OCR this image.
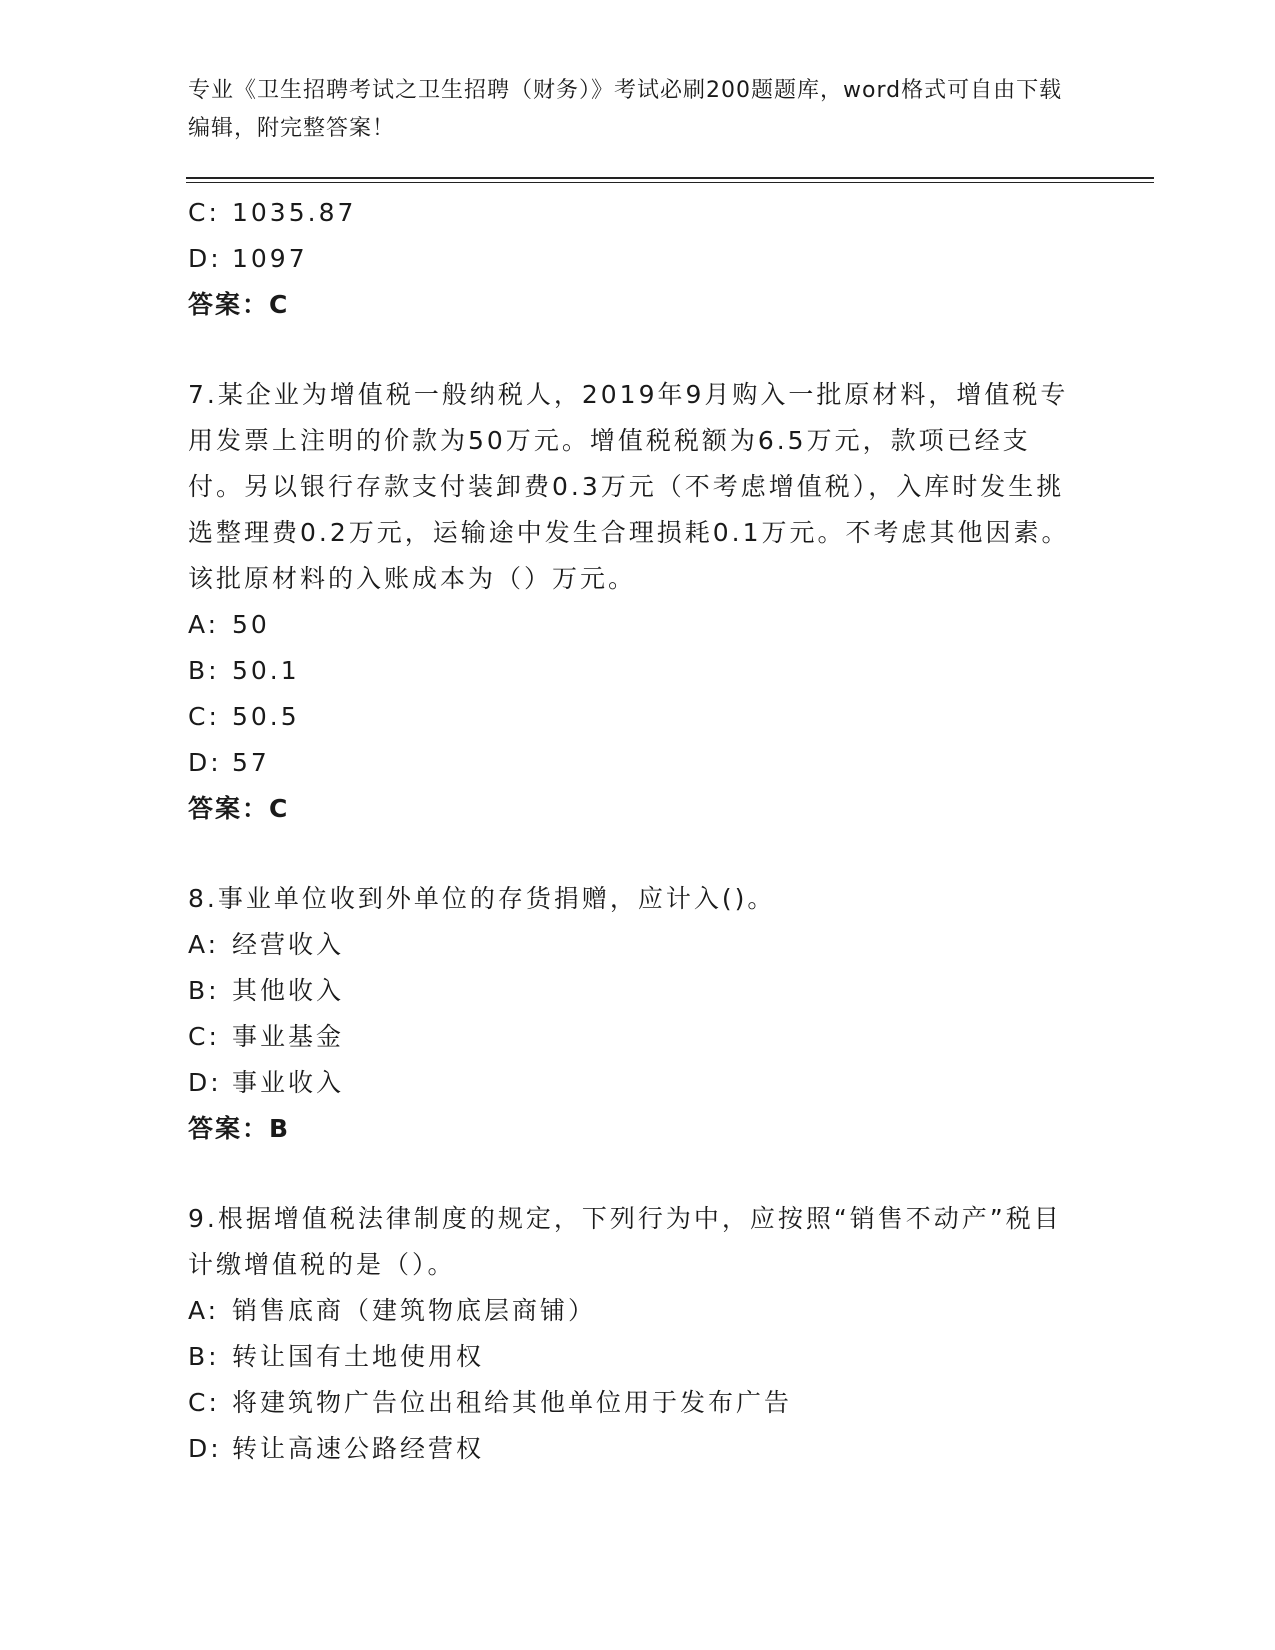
专业《卫生招聘考试之卫生招聘（财务）》考试必刷200题题库，word格式可自由下载编辑，附完整答案！
C: 1035.87
D: 1097
答案：C
7.某企业为增值税一般纳税人，2019年9月购入一批原材料，增值税专用发票上注明的价款为50万元。增值税税额为6.5万元，款项已经支付。另以银行存款支付装卸费0.3万元（不考虑增值税），入库时发生挑选整理费0.2万元，运输途中发生合理损耗0.1万元。不考虑其他因素。该批原材料的入账成本为（）万元。
A: 50
B: 50.1
C: 50.5
D: 57
答案：C
8.事业单位收到外单位的存货捐赠，应计入()。
A: 经营收入
B: 其他收入
C: 事业基金
D: 事业收入
答案：B
9.根据增值税法律制度的规定，下列行为中，应按照“销售不动产”税目计缴增值税的是（）。
A: 销售底商（建筑物底层商铺）
B: 转让国有土地使用权
C: 将建筑物广告位出租给其他单位用于发布广告
D: 转让高速公路经营权
